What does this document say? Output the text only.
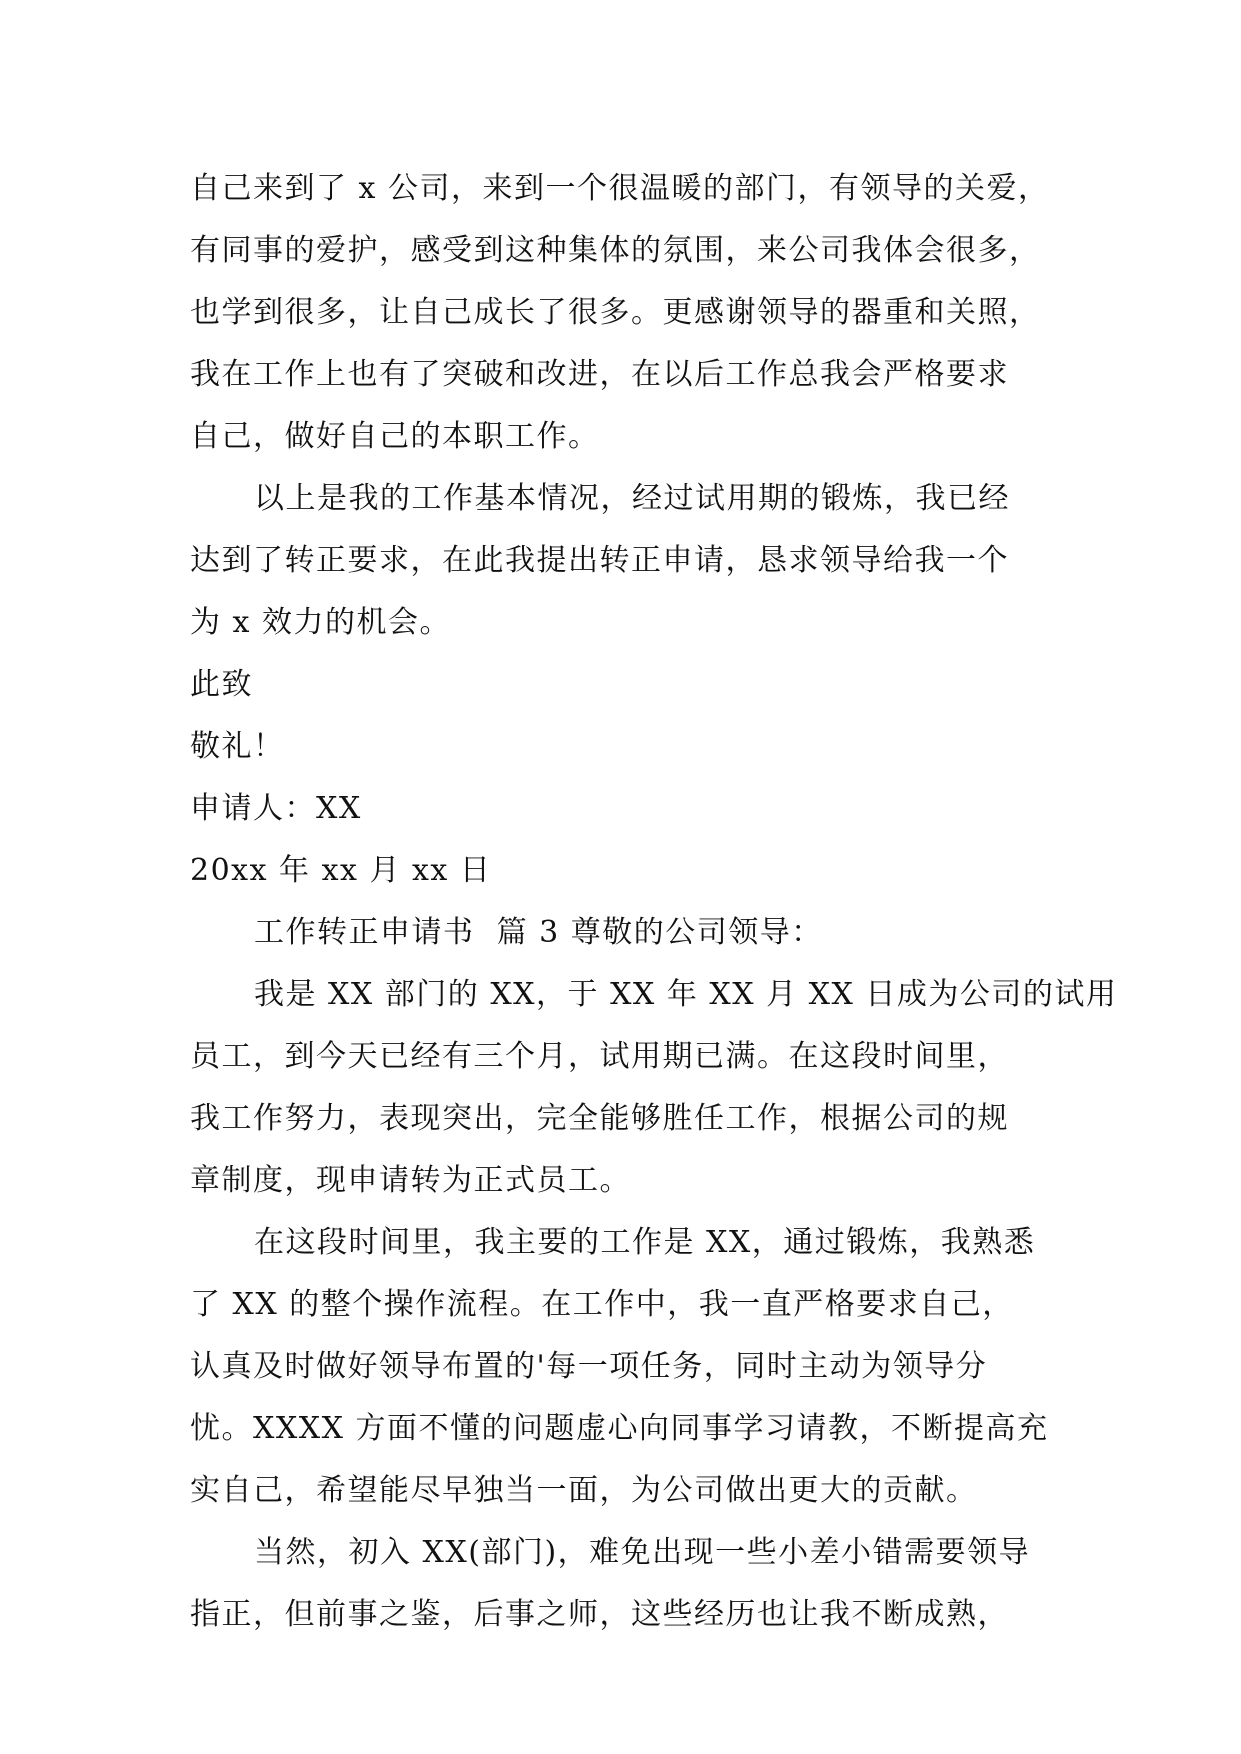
自己来到了 x 公司，来到一个很温暖的部门，有领导的关爱，
有同事的爱护，感受到这种集体的氛围，来公司我体会很多，
也学到很多，让自己成长了很多。更感谢领导的器重和关照，
我在工作上也有了突破和改进，在以后工作总我会严格要求
自己，做好自己的本职工作。
以上是我的工作基本情况，经过试用期的锻炼，我已经
达到了转正要求，在此我提出转正申请，恳求领导给我一个
为 x 效力的机会。
此致
敬礼！
申请人：XX
20xx 年 xx 月 xx 日
工作转正申请书  篇 3 尊敬的公司领导：
我是 XX 部门的 XX，于 XX 年 XX 月 XX 日成为公司的试用
员工，到今天已经有三个月，试用期已满。在这段时间里，
我工作努力，表现突出，完全能够胜任工作，根据公司的规
章制度，现申请转为正式员工。
在这段时间里，我主要的工作是 XX，通过锻炼，我熟悉
了 XX 的整个操作流程。在工作中，我一直严格要求自己，
认真及时做好领导布置的'每一项任务，同时主动为领导分
忧。XXXX 方面不懂的问题虚心向同事学习请教，不断提高充
实自己，希望能尽早独当一面，为公司做出更大的贡献。
当然，初入 XX(部门)，难免出现一些小差小错需要领导
指正，但前事之鉴，后事之师，这些经历也让我不断成熟，
